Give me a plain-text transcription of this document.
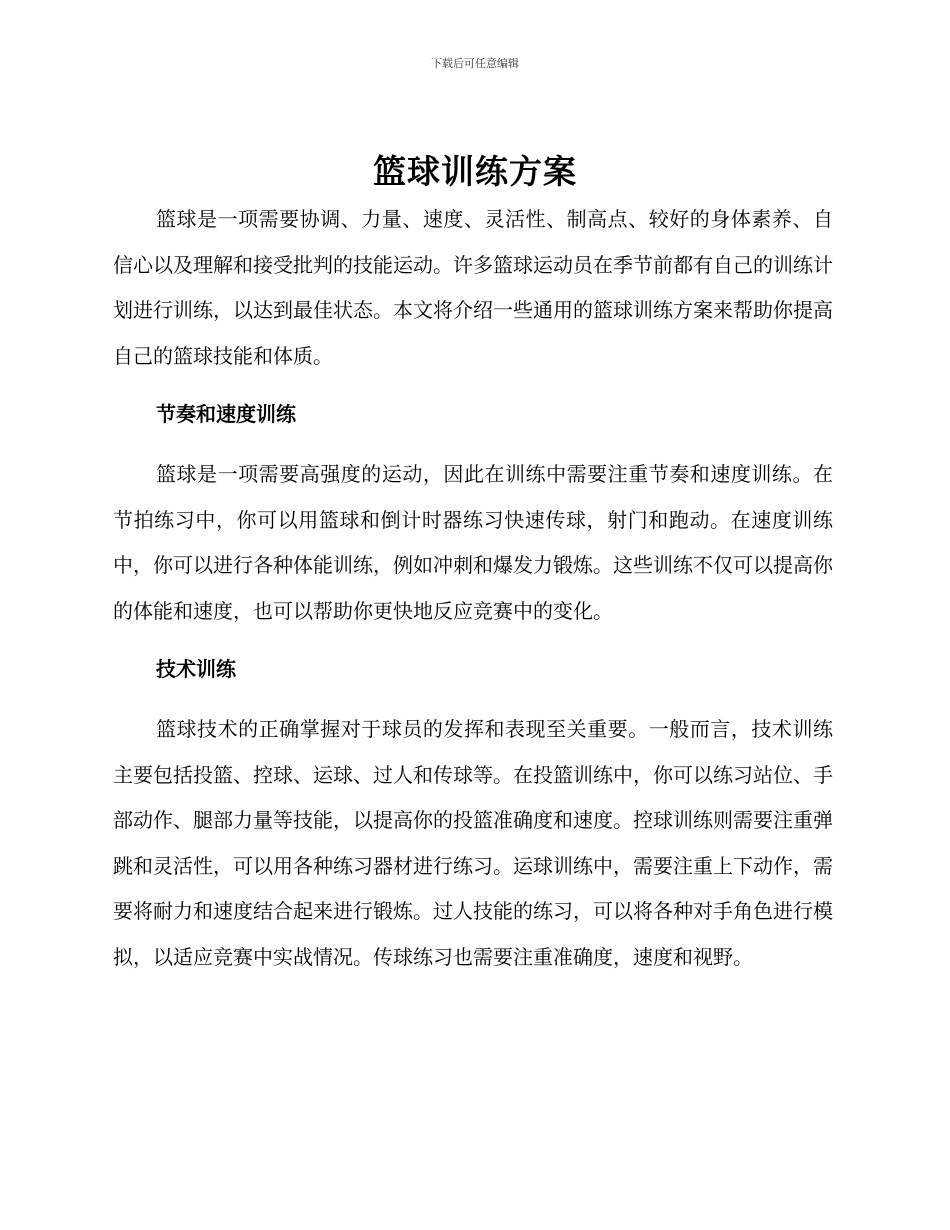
下载后可任意编辑

篮球训练方案

篮球是一项需要协调、力量、速度、灵活性、制高点、较好的身体素养、自信心以及理解和接受批判的技能运动。许多篮球运动员在季节前都有自己的训练计划进行训练，以达到最佳状态。本文将介绍一些通用的篮球训练方案来帮助你提高自己的篮球技能和体质。

节奏和速度训练

篮球是一项需要高强度的运动，因此在训练中需要注重节奏和速度训练。在节拍练习中，你可以用篮球和倒计时器练习快速传球，射门和跑动。在速度训练中，你可以进行各种体能训练，例如冲刺和爆发力锻炼。这些训练不仅可以提高你的体能和速度，也可以帮助你更快地反应竞赛中的变化。

技术训练

篮球技术的正确掌握对于球员的发挥和表现至关重要。一般而言，技术训练主要包括投篮、控球、运球、过人和传球等。在投篮训练中，你可以练习站位、手部动作、腿部力量等技能，以提高你的投篮准确度和速度。控球训练则需要注重弹跳和灵活性，可以用各种练习器材进行练习。运球训练中，需要注重上下动作，需要将耐力和速度结合起来进行锻炼。过人技能的练习，可以将各种对手角色进行模拟，以适应竞赛中实战情况。传球练习也需要注重准确度，速度和视野。
